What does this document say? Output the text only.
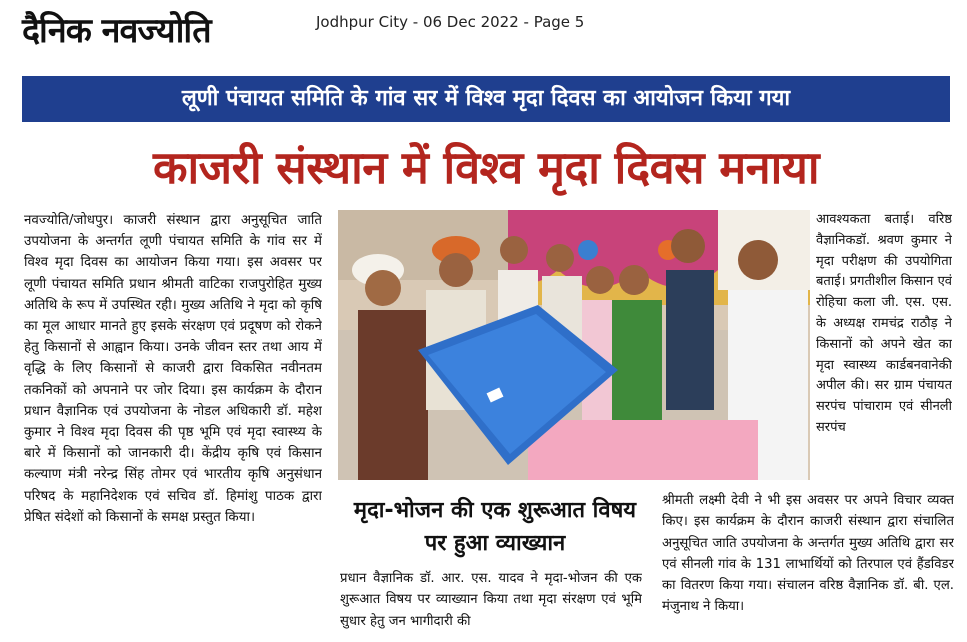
दैनिक नवज्योति	Jodhpur City - 06 Dec 2022 - Page 5
लूणी पंचायत समिति के गांव सर में विश्व मृदा दिवस का आयोजन किया गया
काजरी संस्थान में विश्व मृदा दिवस मनाया
नवज्योति/जोधपुर। काजरी संस्थान द्वारा अनुसूचित जाति उपयोजना के अन्तर्गत लूणी पंचायत समिति के गांव सर में विश्व मृदा दिवस का आयोजन किया गया। इस अवसर पर लूणी पंचायत समिति प्रधान श्रीमती वाटिका राजपुरोहित मुख्य अतिथि के रूप में उपस्थित रही। मुख्य अतिथि ने मृदा को कृषि का मूल आधार मानते हुए इसके संरक्षण एवं प्रदूषण को रोकने हेतु किसानों से आह्वान किया। उनके जीवन स्तर तथा आय में वृद्धि के लिए किसानों से काजरी द्वारा विकसित नवीनतम तकनिकों को अपनाने पर जोर दिया। इस कार्यक्रम के दौरान प्रधान वैज्ञानिक एवं उपयोजना के नोडल अधिकारी डॉ. महेश कुमार ने विश्व मृदा दिवस की पृष्ठ भूमि एवं मृदा स्वास्थ्य के बारे में किसानों को जानकारी दी। केंद्रीय कृषि एवं किसान कल्याण मंत्री नरेन्द्र सिंह तोमर एवं भारतीय कृषि अनुसंधान परिषद के महानिदेशक एवं सचिव डॉ. हिमांशु पाठक द्वारा प्रेषित संदेशों को किसानों के समक्ष प्रस्तुत किया।
आवश्यकता बताई। वरिष्ठ वैज्ञानिकडॉ. श्रवण कुमार ने मृदा परीक्षण की उपयोगिता बताई। प्रगतीशील किसान एवं रोहिचा कला जी. एस. एस. के अध्यक्ष रामचंद्र राठौड़ ने किसानों को अपने खेत का मृदा स्वास्थ्य कार्डबनवानेकी अपील की। सर ग्राम पंचायत सरपंच पांचाराम एवं सीनली सरपंच
मृदा-भोजन की एक शुरूआत विषय पर हुआ व्याख्यान
प्रधान वैज्ञानिक डॉ. आर. एस. यादव ने मृदा-भोजन की एक शुरूआत विषय पर व्याख्यान किया तथा मृदा संरक्षण एवं भूमि सुधार हेतु जन भागीदारी की
श्रीमती लक्ष्मी देवी ने भी इस अवसर पर अपने विचार व्यक्त किए। इस कार्यक्रम के दौरान काजरी संस्थान द्वारा संचालित अनुसूचित जाति उपयोजना के अन्तर्गत मुख्य अतिथि द्वारा सर एवं सीनली गांव के 131 लाभार्थियों को तिरपाल एवं हैंडविडर का वितरण किया गया। संचालन वरिष्ठ वैज्ञानिक डॉ. बी. एल. मंजुनाथ ने किया।
